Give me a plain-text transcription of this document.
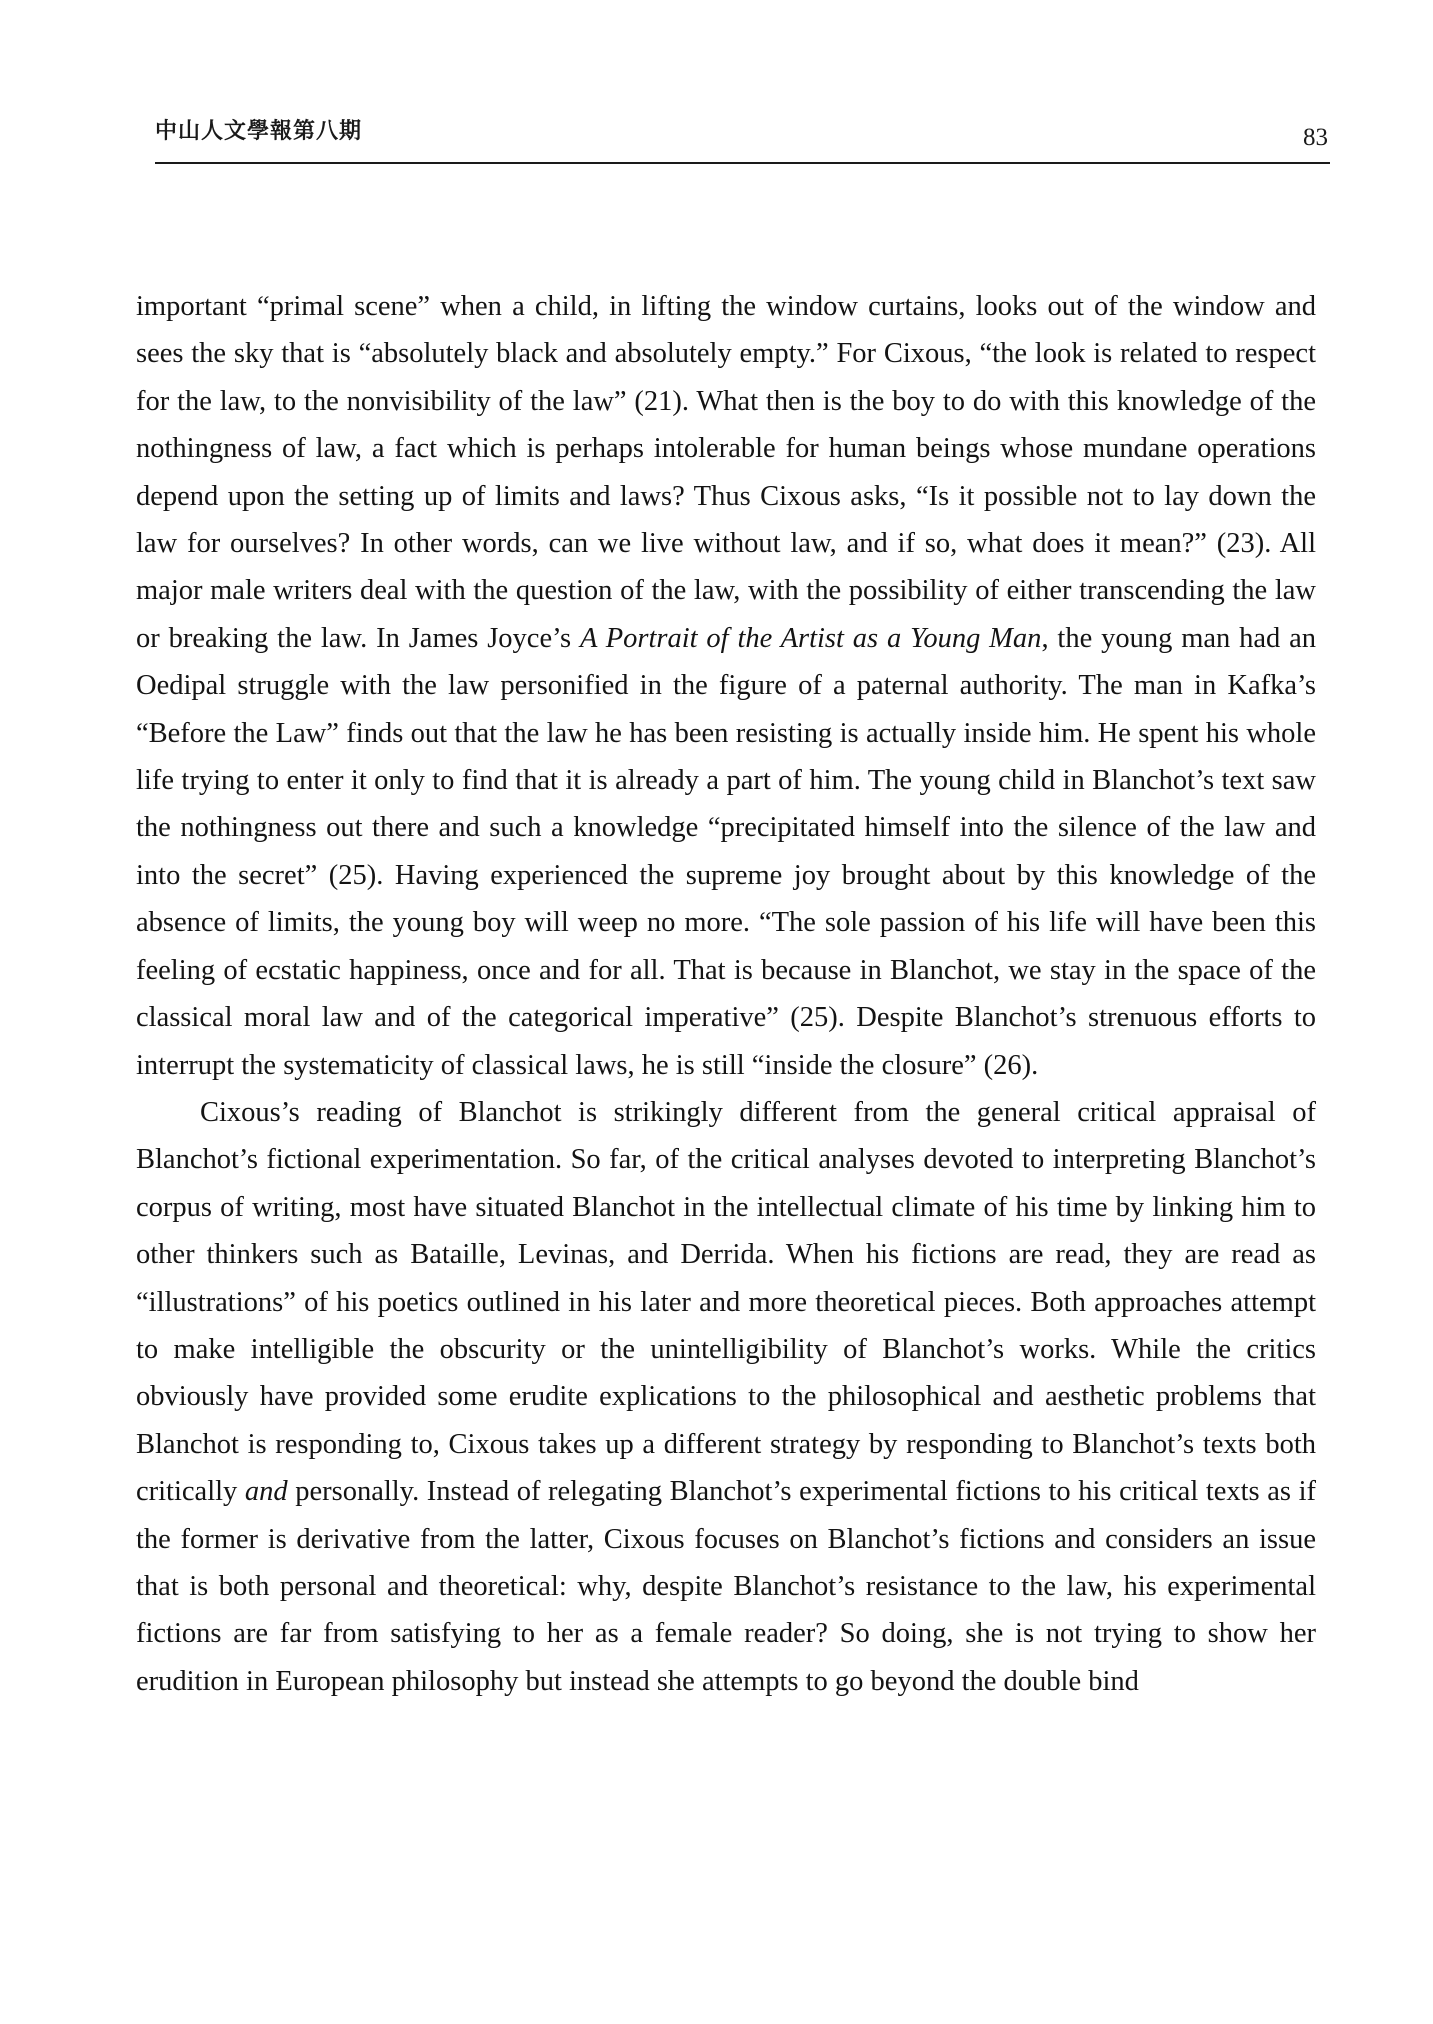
中山人文學報第八期	83

important “primal scene” when a child, in lifting the window curtains, looks out of the window and sees the sky that is “absolutely black and absolutely empty.” For Cixous, “the look is related to respect for the law, to the nonvisibility of the law” (21). What then is the boy to do with this knowledge of the nothingness of law, a fact which is perhaps intolerable for human beings whose mundane operations depend upon the setting up of limits and laws? Thus Cixous asks, “Is it possible not to lay down the law for ourselves? In other words, can we live without law, and if so, what does it mean?” (23). All major male writers deal with the question of the law, with the possibility of either transcending the law or breaking the law. In James Joyce’s A Portrait of the Artist as a Young Man, the young man had an Oedipal struggle with the law personified in the figure of a paternal authority. The man in Kafka’s “Before the Law” finds out that the law he has been resisting is actually inside him. He spent his whole life trying to enter it only to find that it is already a part of him. The young child in Blanchot’s text saw the nothingness out there and such a knowledge “precipitated himself into the silence of the law and into the secret” (25). Having experienced the supreme joy brought about by this knowledge of the absence of limits, the young boy will weep no more. “The sole passion of his life will have been this feeling of ecstatic happiness, once and for all. That is because in Blanchot, we stay in the space of the classical moral law and of the categorical imperative” (25). Despite Blanchot’s strenuous efforts to interrupt the systematicity of classical laws, he is still “inside the closure” (26).

Cixous’s reading of Blanchot is strikingly different from the general critical appraisal of Blanchot’s fictional experimentation. So far, of the critical analyses devoted to interpreting Blanchot’s corpus of writing, most have situated Blanchot in the intellectual climate of his time by linking him to other thinkers such as Bataille, Levinas, and Derrida. When his fictions are read, they are read as “illustrations” of his poetics outlined in his later and more theoretical pieces. Both approaches attempt to make intelligible the obscurity or the unintelligibility of Blanchot’s works. While the critics obviously have provided some erudite explications to the philosophical and aesthetic problems that Blanchot is responding to, Cixous takes up a different strategy by responding to Blanchot’s texts both critically and personally. Instead of relegating Blanchot’s experimental fictions to his critical texts as if the former is derivative from the latter, Cixous focuses on Blanchot’s fictions and considers an issue that is both personal and theoretical: why, despite Blanchot’s resistance to the law, his experimental fictions are far from satisfying to her as a female reader? So doing, she is not trying to show her erudition in European philosophy but instead she attempts to go beyond the double bind
